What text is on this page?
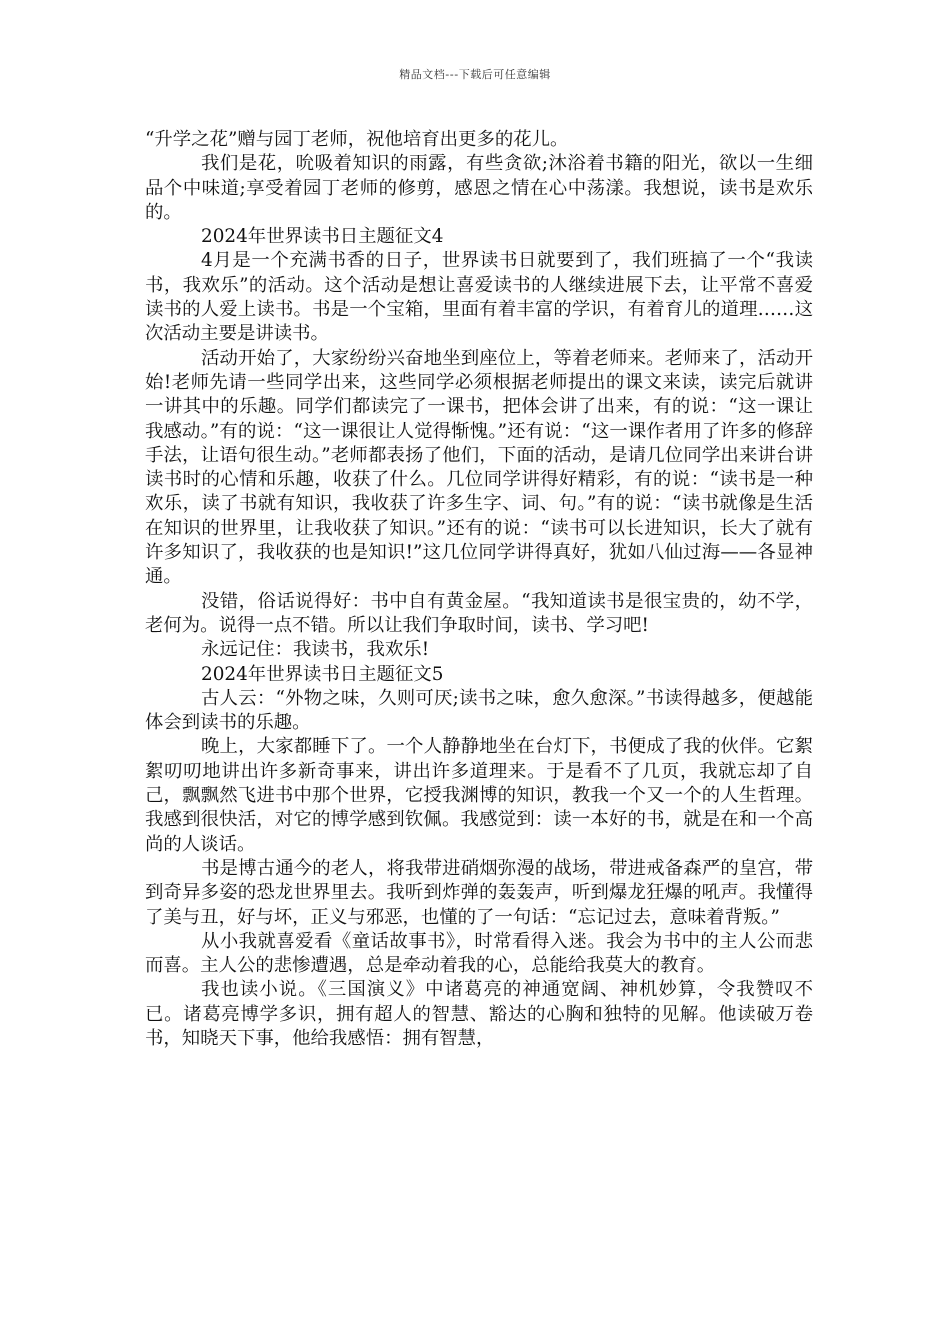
精品文档---下载后可任意编辑

“升学之花”赠与园丁老师，祝他培育出更多的花儿。

我们是花，吮吸着知识的雨露，有些贪欲;沐浴着书籍的阳光，欲以一生细品个中味道;享受着园丁老师的修剪，感恩之情在心中荡漾。我想说，读书是欢乐的。

2024年世界读书日主题征文4

4月是一个充满书香的日子，世界读书日就要到了，我们班搞了一个“我读书，我欢乐”的活动。这个活动是想让喜爱读书的人继续进展下去，让平常不喜爱读书的人爱上读书。书是一个宝箱，里面有着丰富的学识，有着育儿的道理……这次活动主要是讲读书。

活动开始了，大家纷纷兴奋地坐到座位上，等着老师来。老师来了，活动开始!老师先请一些同学出来，这些同学必须根据老师提出的课文来读，读完后就讲一讲其中的乐趣。同学们都读完了一课书，把体会讲了出来，有的说：“这一课让我感动。”有的说：“这一课很让人觉得惭愧。”还有说：“这一课作者用了许多的修辞手法，让语句很生动。”老师都表扬了他们，下面的活动，是请几位同学出来讲台讲读书时的心情和乐趣，收获了什么。几位同学讲得好精彩，有的说：“读书是一种欢乐，读了书就有知识，我收获了许多生字、词、句。”有的说：“读书就像是生活在知识的世界里，让我收获了知识。”还有的说：“读书可以长进知识，长大了就有许多知识了，我收获的也是知识!”这几位同学讲得真好，犹如八仙过海——各显神通。

没错，俗话说得好：书中自有黄金屋。“我知道读书是很宝贵的，幼不学，老何为。说得一点不错。所以让我们争取时间，读书、学习吧!

永远记住：我读书，我欢乐!

2024年世界读书日主题征文5

古人云：“外物之味，久则可厌;读书之味，愈久愈深。”书读得越多，便越能体会到读书的乐趣。

晚上，大家都睡下了。一个人静静地坐在台灯下，书便成了我的伙伴。它絮絮叨叨地讲出许多新奇事来，讲出许多道理来。于是看不了几页，我就忘却了自己，飘飘然飞进书中那个世界，它授我渊博的知识，教我一个又一个的人生哲理。我感到很快活，对它的博学感到钦佩。我感觉到：读一本好的书，就是在和一个高尚的人谈话。

书是博古通今的老人，将我带进硝烟弥漫的战场，带进戒备森严的皇宫，带到奇异多姿的恐龙世界里去。我听到炸弹的轰轰声，听到爆龙狂爆的吼声。我懂得了美与丑，好与坏，正义与邪恶，也懂的了一句话：“忘记过去，意味着背叛。”

从小我就喜爱看《童话故事书》，时常看得入迷。我会为书中的主人公而悲而喜。主人公的悲惨遭遇，总是牵动着我的心，总能给我莫大的教育。

我也读小说。《三国演义》中诸葛亮的神通宽阔、神机妙算，令我赞叹不已。诸葛亮博学多识，拥有超人的智慧、豁达的心胸和独特的见解。他读破万卷书，知晓天下事，他给我感悟：拥有智慧，
